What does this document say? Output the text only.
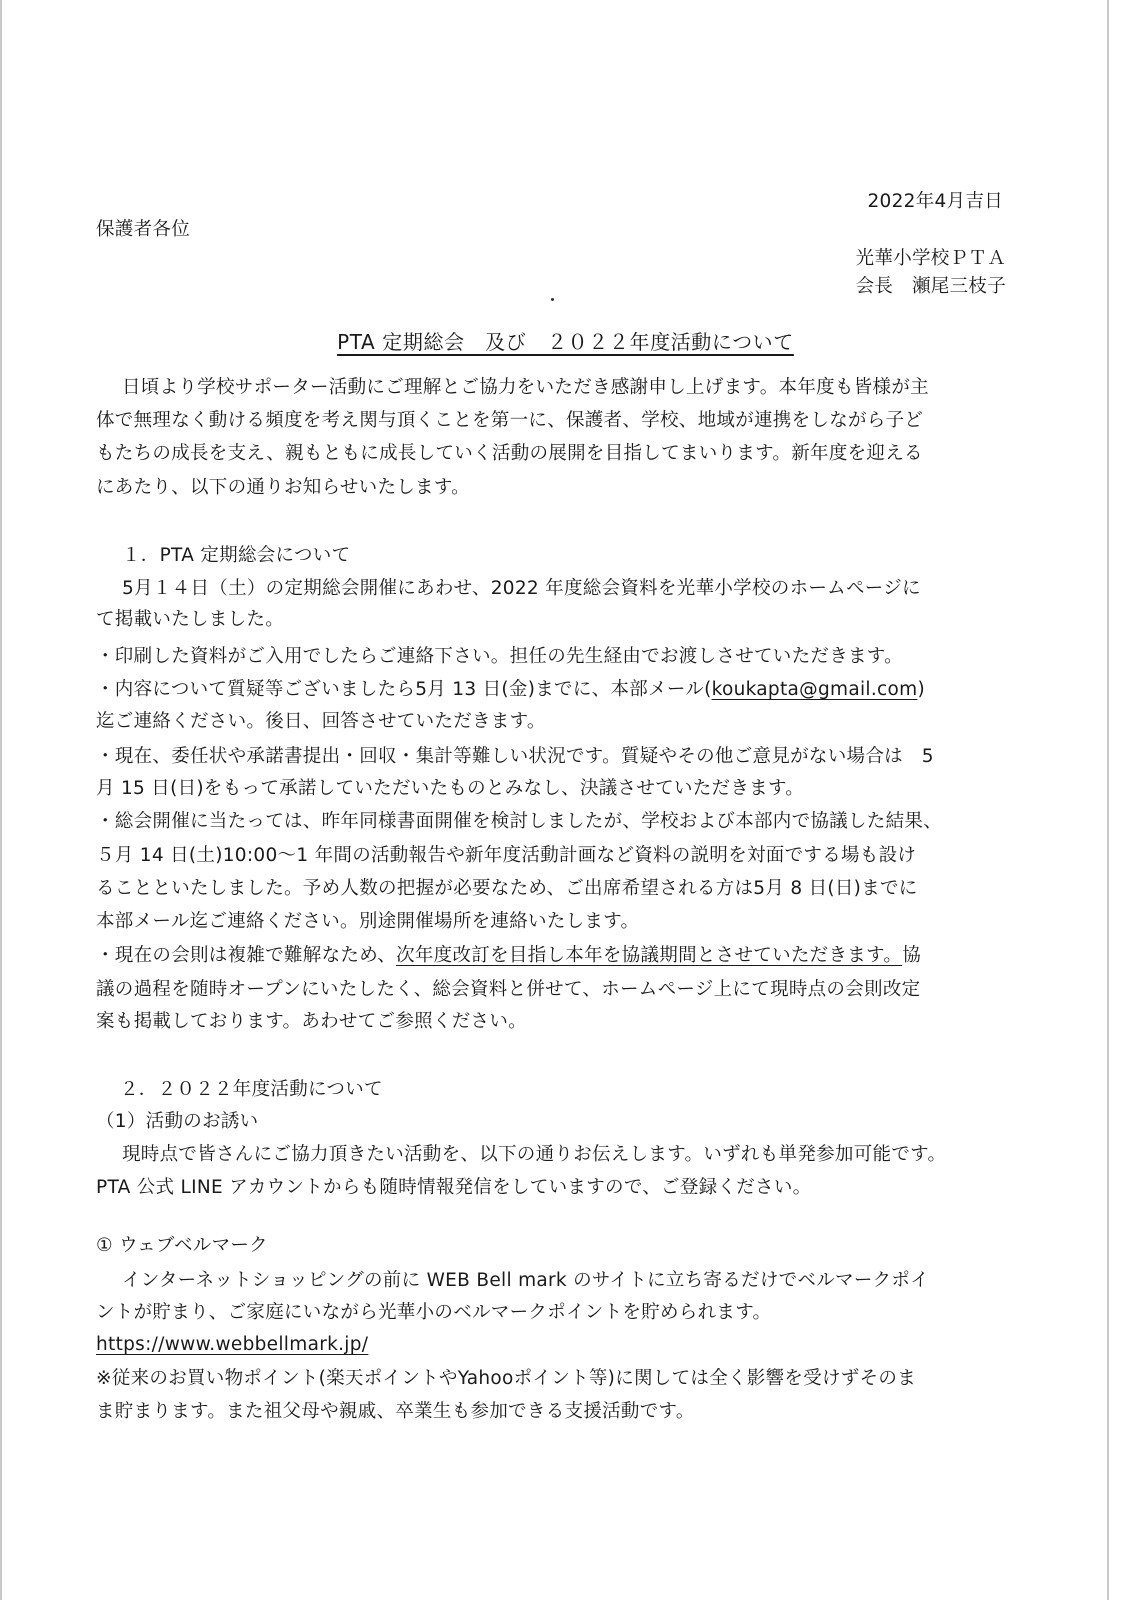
2022年4月吉日
保護者各位
光華小学校ＰＴＡ
会長　瀬尾三枝子
PTA 定期総会　及び　２０２２年度活動について
日頃より学校サポーター活動にご理解とご協力をいただき感謝申し上げます。本年度も皆様が主
体で無理なく動ける頻度を考え関与頂くことを第一に、保護者、学校、地域が連携をしながら子ど
もたちの成長を支え、親もともに成長していく活動の展開を目指してまいります。新年度を迎える
にあたり、以下の通りお知らせいたします。
１．PTA 定期総会について
5月１４日（土）の定期総会開催にあわせ、2022 年度総会資料を光華小学校のホームページに
て掲載いたしました。
・印刷した資料がご入用でしたらご連絡下さい。担任の先生経由でお渡しさせていただきます。
・内容について質疑等ございましたら5月 13 日(金)までに、本部メール(koukapta@gmail.com)
迄ご連絡ください。後日、回答させていただきます。
・現在、委任状や承諾書提出・回収・集計等難しい状況です。質疑やその他ご意見がない場合は　5
月 15 日(日)をもって承諾していただいたものとみなし、決議させていただきます。
・総会開催に当たっては、昨年同様書面開催を検討しましたが、学校および本部内で協議した結果、
５月 14 日(土)10:00～1 年間の活動報告や新年度活動計画など資料の説明を対面でする場も設け
ることといたしました。予め人数の把握が必要なため、ご出席希望される方は5月 8 日(日)までに
本部メール迄ご連絡ください。別途開催場所を連絡いたします。
・現在の会則は複雑で難解なため、次年度改訂を目指し本年を協議期間とさせていただきます。協
議の過程を随時オープンにいたしたく、総会資料と併せて、ホームページ上にて現時点の会則改定
案も掲載しております。あわせてご参照ください。
２．２０２２年度活動について
（1）活動のお誘い
現時点で皆さんにご協力頂きたい活動を、以下の通りお伝えします。いずれも単発参加可能です。
PTA 公式 LINE アカウントからも随時情報発信をしていますので、ご登録ください。
① ウェブベルマーク
インターネットショッピングの前に WEB Bell mark のサイトに立ち寄るだけでベルマークポイ
ントが貯まり、ご家庭にいながら光華小のベルマークポイントを貯められます。
https://www.webbellmark.jp/
※従来のお買い物ポイント(楽天ポイントやYahooポイント等)に関しては全く影響を受けずそのま
ま貯まります。また祖父母や親戚、卒業生も参加できる支援活動です。
